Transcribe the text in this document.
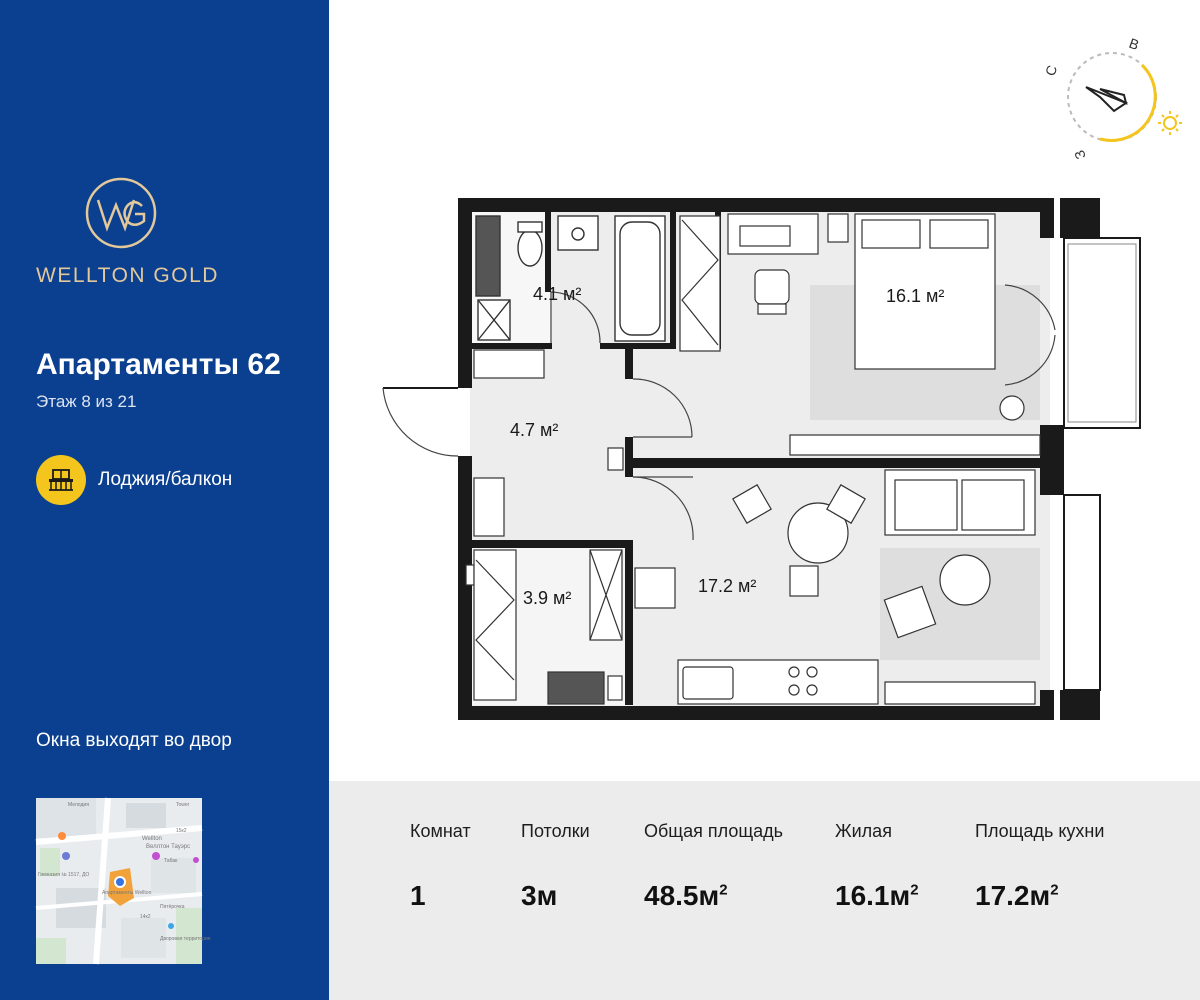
WELLTON GOLD
Апартаменты 62
Этаж 8 из 21
Лоджия/балкон
Окна выходят во двор
Wellton
Веллтон Тауэрс
Гимназия № 1517, ДО
Табак
Пятёрочка
Дворовая территория
Мелодия	Tower
15к2
14к2
Апартаменты Wellton
С
В
З
4.1 м²	16.1 м²
4.7 м²
3.9 м²
17.2 м²
Комнат
1
Потолки
3м
Общая площадь
$48.5м^2$
Жилая
$16.1м^2$
Площадь кухни
$17.2м^2$
